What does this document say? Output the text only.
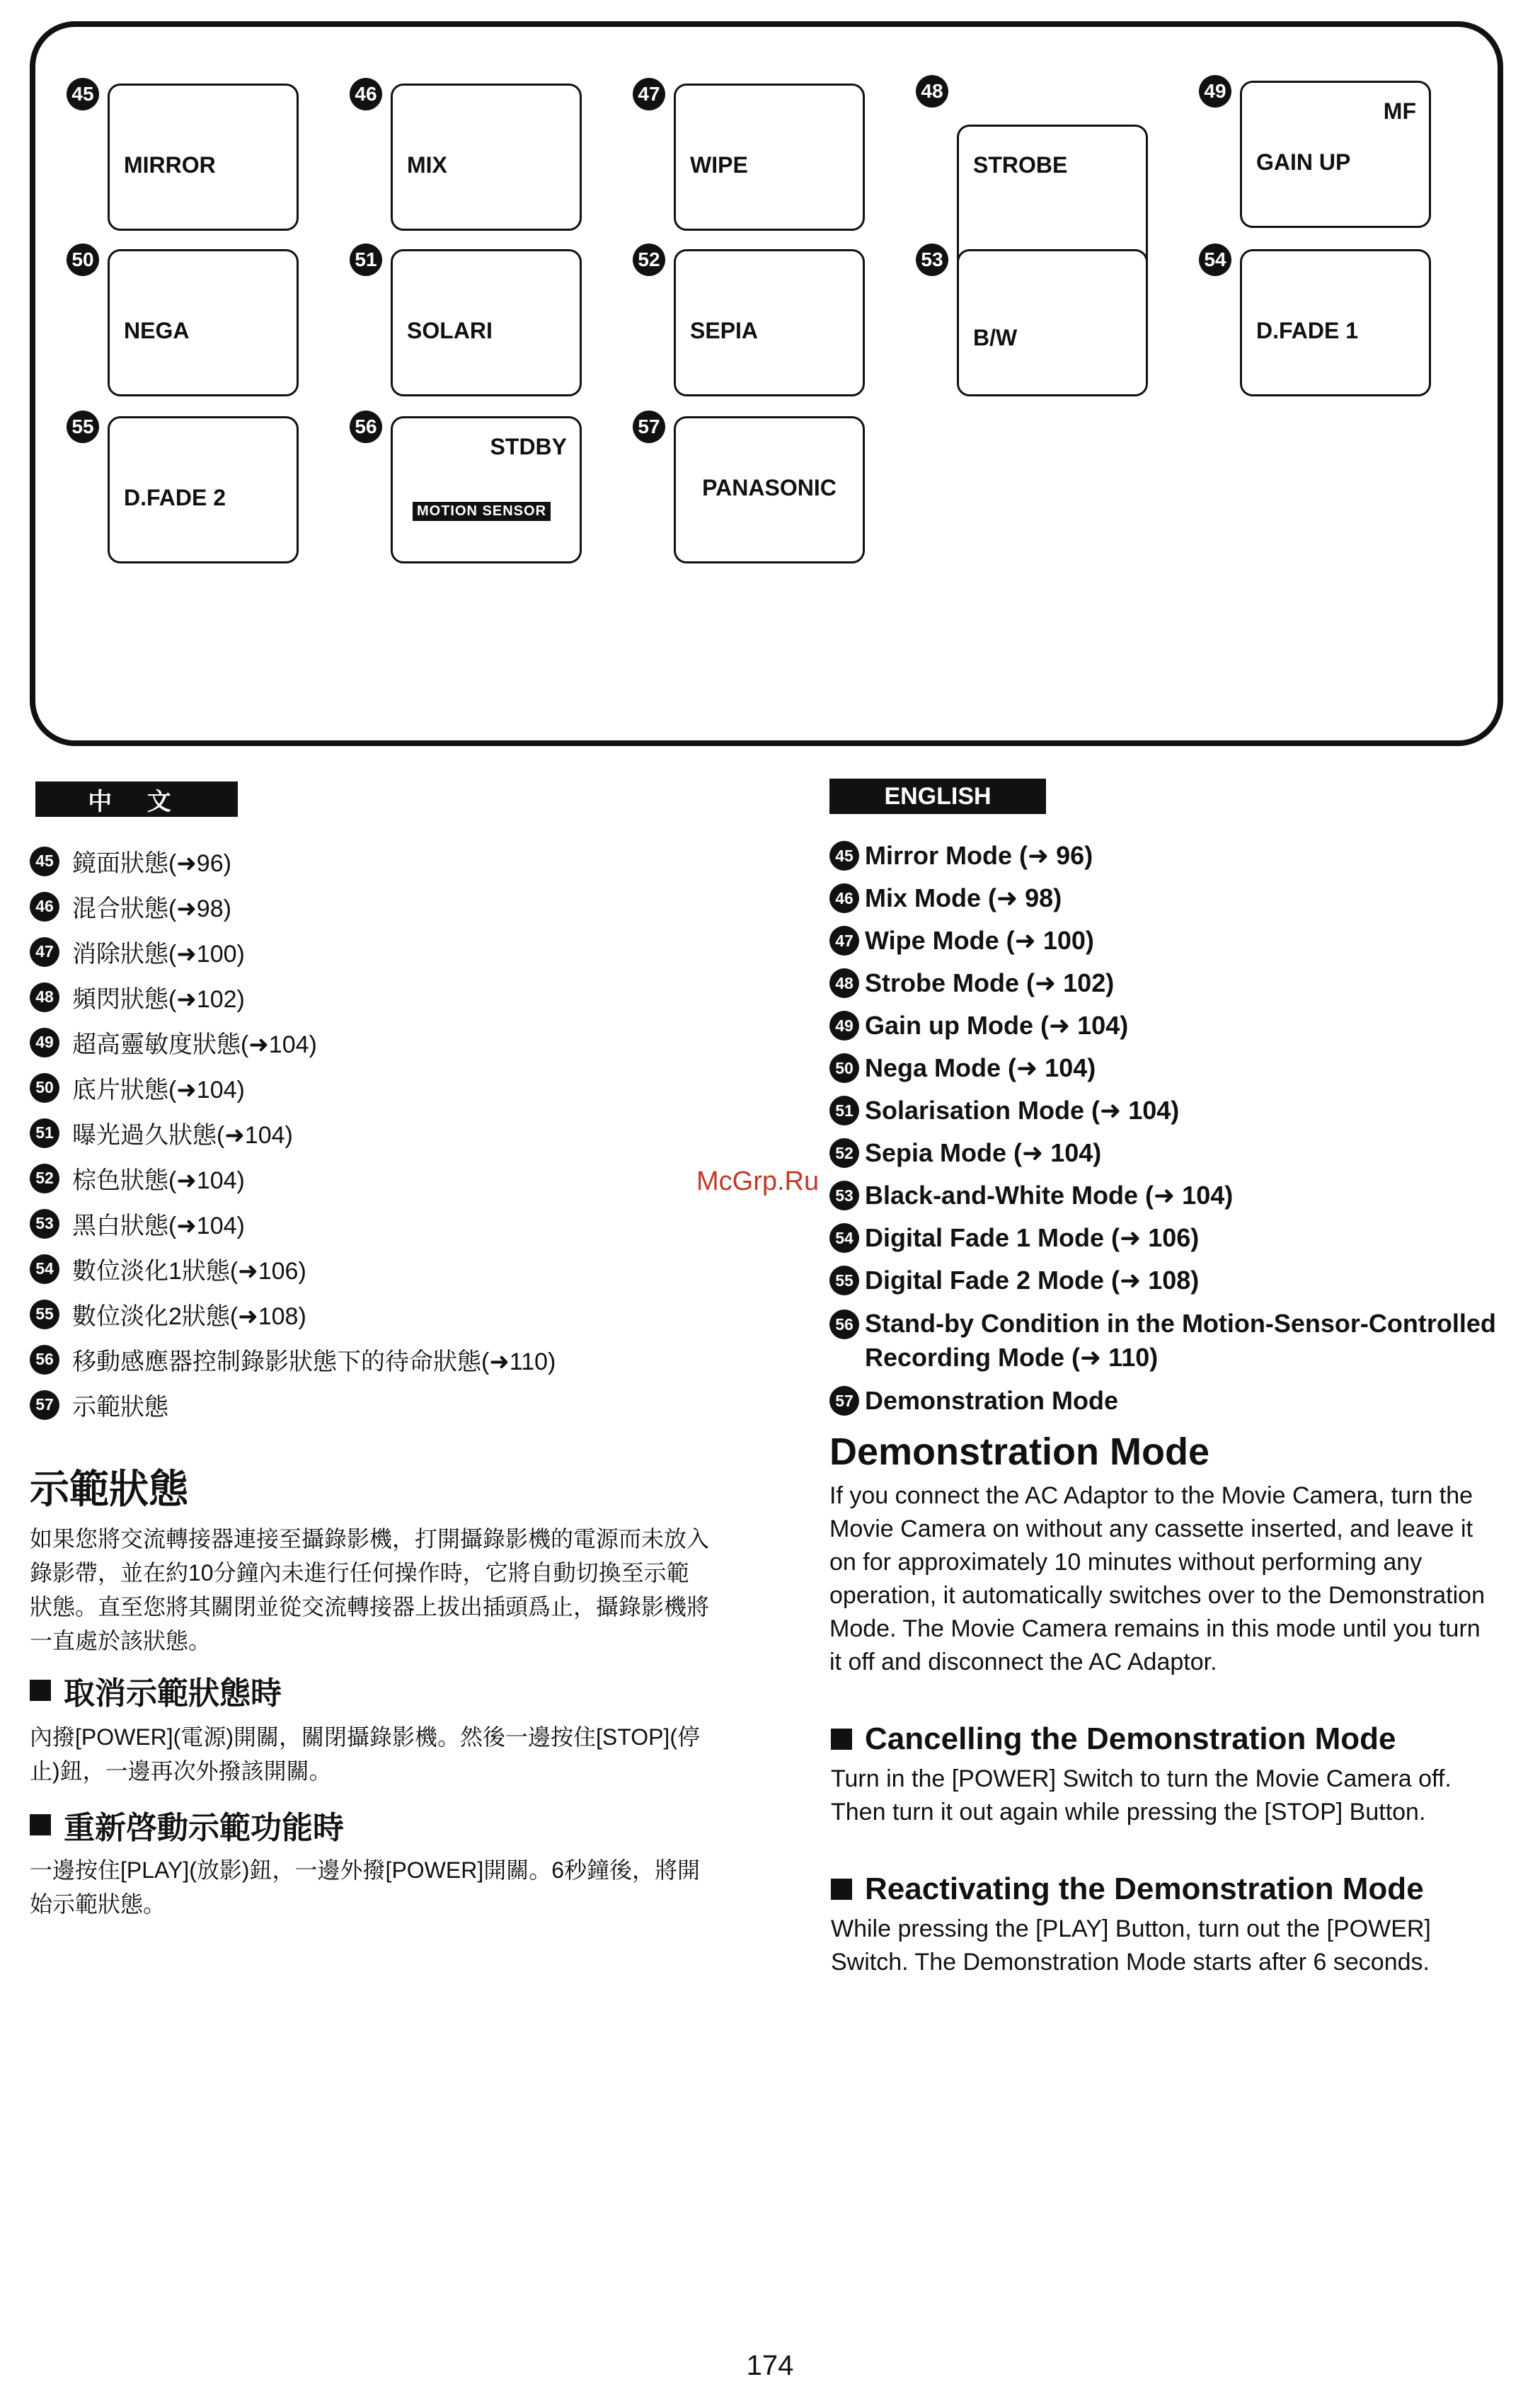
45
MIRROR
46
MIX
47
WIPE
48
STROBE
49
MF
GAIN UP
50
NEGA
51
SOLARI
52
SEPIA
53
B/W
54
D.FADE 1
55
D.FADE 2
56
STDBY
MOTION SENSOR
57
PANASONIC
中 文
45 鏡面狀態(➜96)
46 混合狀態(➜98)
47 消除狀態(➜100)
48 頻閃狀態(➜102)
49 超高靈敏度狀態(➜104)
50 底片狀態(➜104)
51 曝光過久狀態(➜104)
52 棕色狀態(➜104)
53 黑白狀態(➜104)
54 數位淡化1狀態(➜106)
55 數位淡化2狀態(➜108)
56 移動感應器控制錄影狀態下的待命狀態(➜110)
57 示範狀態
示範狀態
如果您將交流轉接器連接至攝錄影機，打開攝錄影機的電源而未放入錄影帶，並在約10分鐘內未進行任何操作時，它將自動切換至示範狀態。直至您將其關閉並從交流轉接器上拔出插頭爲止，攝錄影機將一直處於該狀態。
取消示範狀態時
內撥[POWER](電源)開關，關閉攝錄影機。然後一邊按住[STOP](停止)鈕，一邊再次外撥該開關。
重新啓動示範功能時
一邊按住[PLAY](放影)鈕，一邊外撥[POWER]開關。6秒鐘後，將開始示範狀態。
ENGLISH
45 Mirror Mode (➜ 96)
46 Mix Mode (➜ 98)
47 Wipe Mode (➜ 100)
48 Strobe Mode (➜ 102)
49 Gain up Mode (➜ 104)
50 Nega Mode (➜ 104)
51 Solarisation Mode (➜ 104)
52 Sepia Mode (➜ 104)
53 Black-and-White Mode (➜ 104)
54 Digital Fade 1 Mode (➜ 106)
55 Digital Fade 2 Mode (➜ 108)
56 Stand-by Condition in the Motion-Sensor-Controlled Recording Mode (➜ 110)
57 Demonstration Mode
Demonstration Mode
If you connect the AC Adaptor to the Movie Camera, turn the Movie Camera on without any cassette inserted, and leave it on for approximately 10 minutes without performing any operation, it automatically switches over to the Demonstration Mode. The Movie Camera remains in this mode until you turn it off and disconnect the AC Adaptor.
Cancelling the Demonstration Mode
Turn in the [POWER] Switch to turn the Movie Camera off. Then turn it out again while pressing the [STOP] Button.
Reactivating the Demonstration Mode
While pressing the [PLAY] Button, turn out the [POWER] Switch. The Demonstration Mode starts after 6 seconds.
McGrp.Ru
174
